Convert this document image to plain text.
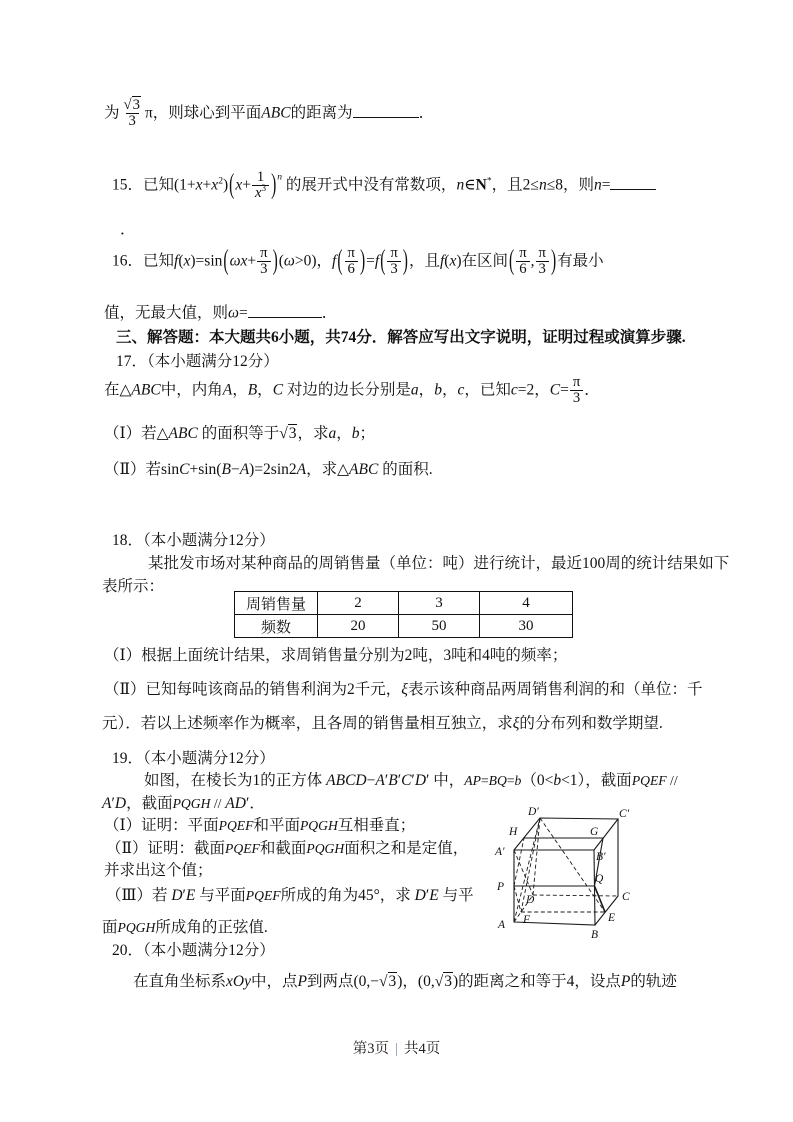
为 $\frac{√3}{3}$ π，则球心到平面ABC的距离为	．
15．已知$(1+x+x^2)(x+ \frac{1}{x^3} )^n$ 的展开式中没有常数项，n∈N*，且2≤n≤8，则n=
．
16．已知$f(x)=\sin(\omega x+ \frac{\pi}{3} )(\omega>0)$，$f( \frac{\pi}{6} )=f( \frac{\pi}{3}$ )，且f(x)在区间( $\frac{\pi}{6}$ , $\frac{\pi}{3}$ )有最小
值，无最大值，则ω=	．
三、解答题：本大题共6小题，共74分．解答应写出文字说明，证明过程或演算步骤.
17．（本小题满分12分）
在△ABC中，内角A，B，C 对边的边长分别是a，b，c，已知c=2，$C= \frac{\pi}{3}$ ．
（Ⅰ）若△ABC 的面积等于√3，求a，b；
（Ⅱ）若sinC+sin(B−A)=2sin2A，求△ABC 的面积.
18．（本小题满分12分）
某批发市场对某种商品的周销售量（单位：吨）进行统计，最近100周的统计结果如下
表所示：
周销售量	2	3	4
频数	20	50	30
（Ⅰ）根据上面统计结果，求周销售量分别为2吨，3吨和4吨的频率；
（Ⅱ）已知每吨该商品的销售利润为2千元，ξ表示该种商品两周销售利润的和（单位：千
元）．若以上述频率作为概率，且各周的销售量相互独立，求ξ的分布列和数学期望.
19．（本小题满分12分）
如图，在棱长为1的正方体 ABCD−A′B′C′D′ 中，AP=BQ=b（0<b<1），截面PQEF //
A′D，截面PQGH // AD′．
（Ⅰ）证明：平面PQEF和平面PQGH互相垂直；
（Ⅱ）证明：截面PQEF和截面PQGH面积之和是定值，
并求出这个值；
（Ⅲ）若 D′E 与平面PQEF所成的角为45°，求 D′E 与平
面PQGH所成角的正弦值.
20．（本小题满分12分）
在直角坐标系xOy中，点P到两点(0,−√3)，(0,√3)的距离之和等于4，设点P的轨迹
D′	C′
H	G
A′	B′
P
Q
D	C
A F
B
E
第3页 | 共4页
